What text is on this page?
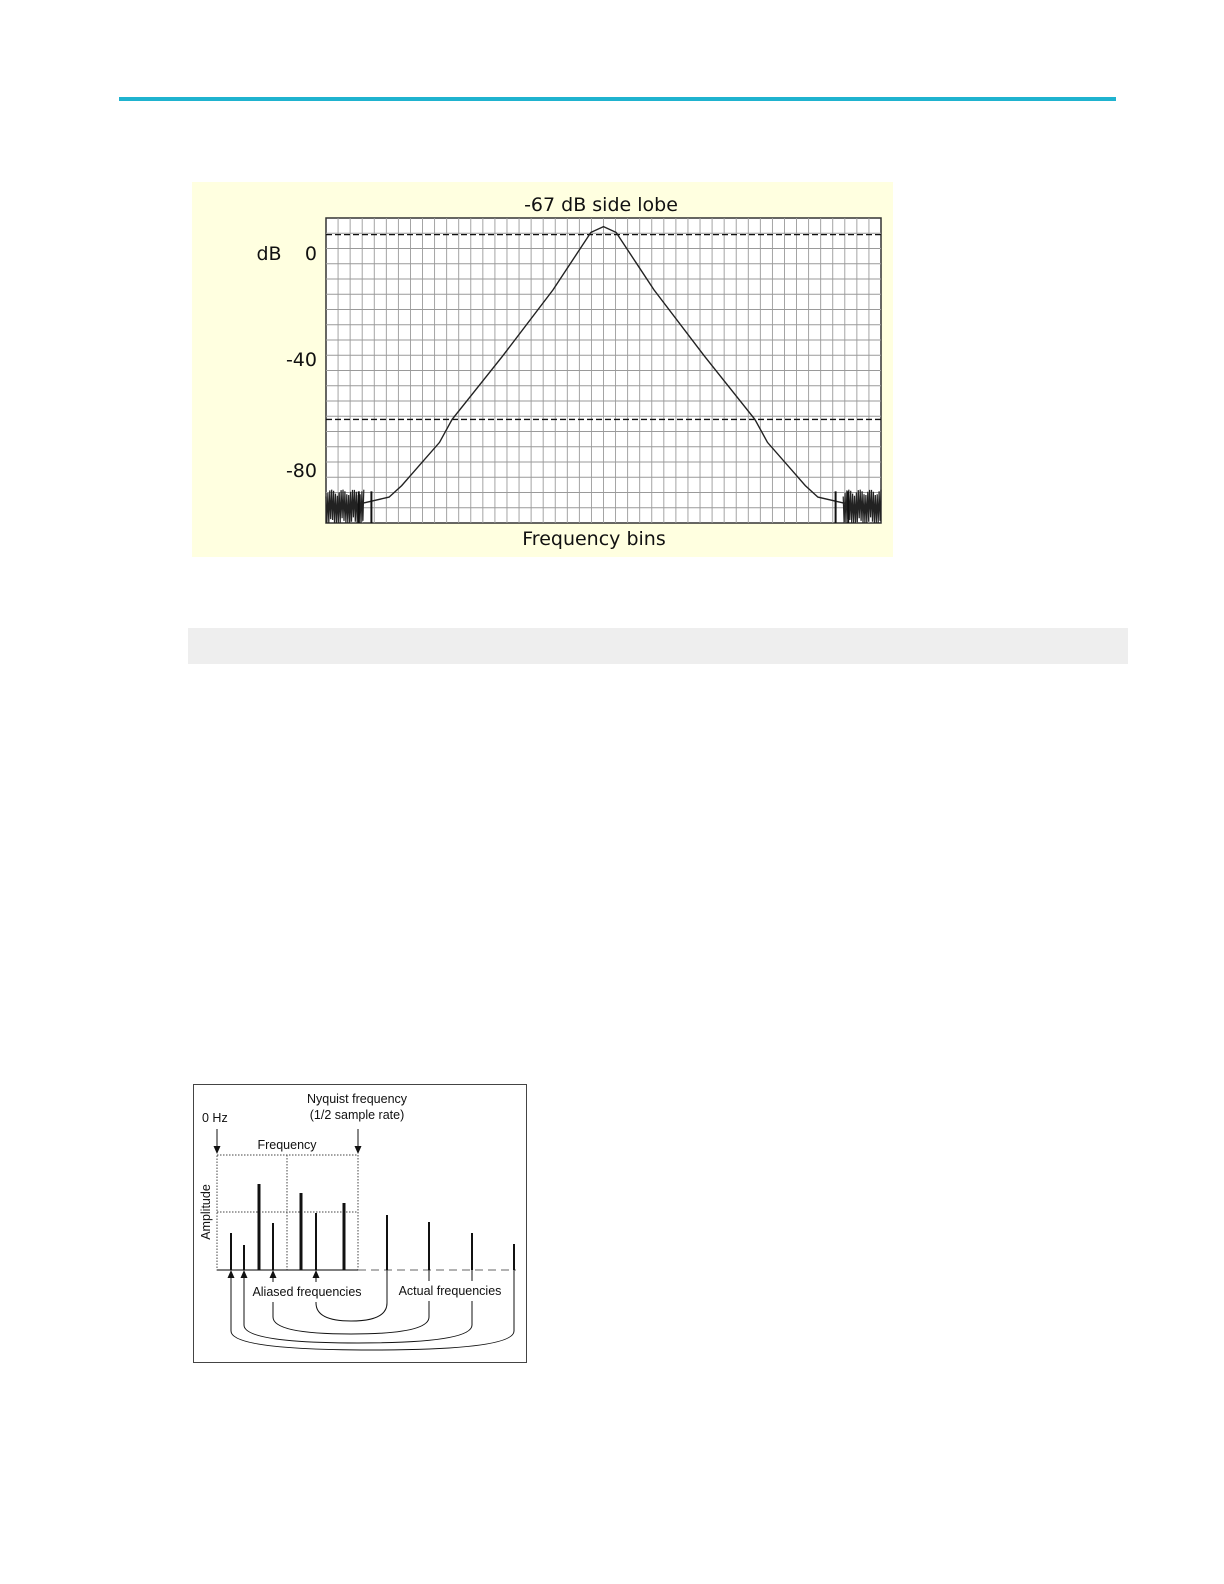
-67 dB side lobe
dB 0
-40
-80
Frequency bins
0 Hz
Nyquist frequency
(1/2 sample rate)
Frequency
Amplitude
Aliased frequencies	Actual frequencies
